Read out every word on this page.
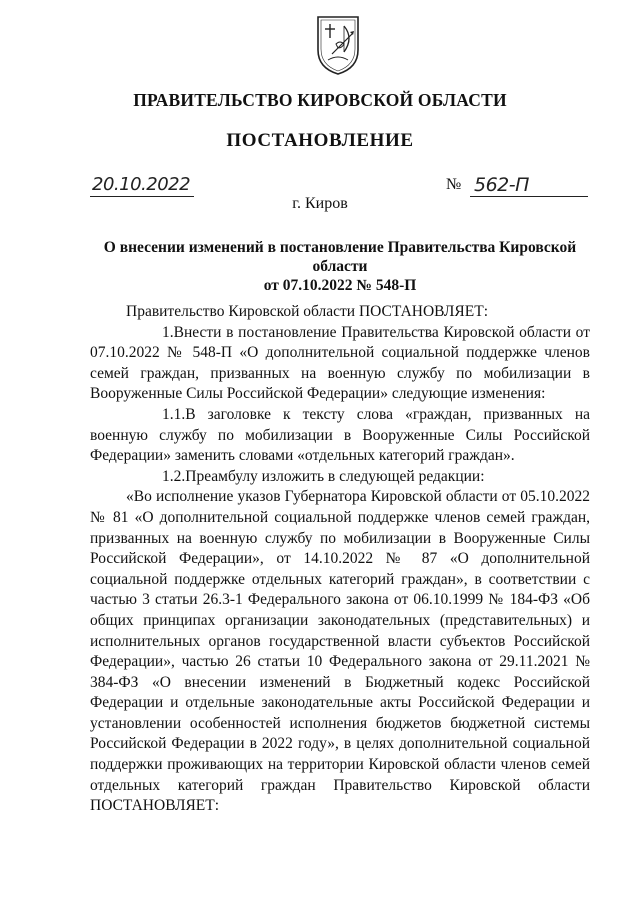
ПРАВИТЕЛЬСТВО КИРОВСКОЙ ОБЛАСТИ
ПОСТАНОВЛЕНИЕ
20.10.2022	№ 562-П
г. Киров
О внесении изменений в постановление Правительства Кировской области
от 07.10.2022 № 548-П

Правительство Кировской области ПОСТАНОВЛЯЕТ:

1.Внести в постановление Правительства Кировской области от 07.10.2022 № 548-П «О дополнительной социальной поддержке членов семей граждан, призванных на военную службу по мобилизации в Вооруженные Силы Российской Федерации» следующие изменения:

1.1.В заголовке к тексту слова «граждан, призванных на военную службу по мобилизации в Вооруженные Силы Российской Федерации» заменить словами «отдельных категорий граждан».

1.2.Преамбулу изложить в следующей редакции:

«Во исполнение указов Губернатора Кировской области от 05.10.2022 № 81 «О дополнительной социальной поддержке членов семей граждан, призванных на военную службу по мобилизации в Вооруженные Силы Российской Федерации», от 14.10.2022 № 87 «О дополнительной социальной поддержке отдельных категорий граждан», в соответствии с частью 3 статьи 26.3-1 Федерального закона от 06.10.1999 № 184-ФЗ «Об общих принципах организации законодательных (представительных) и исполнительных органов государственной власти субъектов Российской Федерации», частью 26 статьи 10 Федерального закона от 29.11.2021 № 384-ФЗ «О внесении изменений в Бюджетный кодекс Российской Федерации и отдельные законодательные акты Российской Федерации и установлении особенностей исполнения бюджетов бюджетной системы Российской Федерации в 2022 году», в целях дополнительной социальной поддержки проживающих на территории Кировской области членов семей отдельных категорий граждан Правительство Кировской области ПОСТАНОВЛЯЕТ:
